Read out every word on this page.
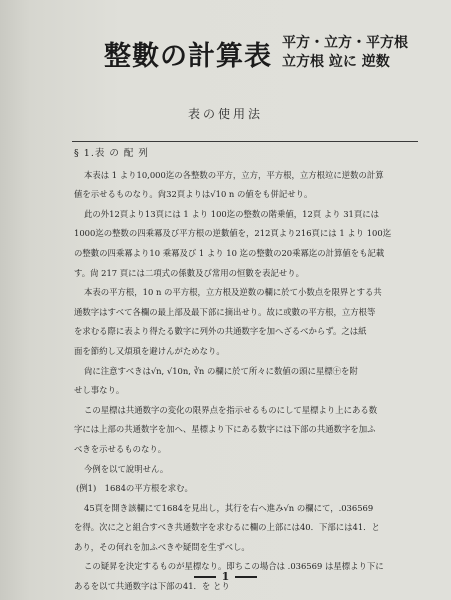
整數の計算表 平方・立方・平方根
立方根 竝に 逆数
表の使用法
§ 1.表 の 配 列
本表は 1 より10,000迄の各整数の平方，立方，平方根，立方根竝に逆数の計算
値を示せるものなり。尙32頁よりは√10 n の値をも併記せり。
此の外12頁より13頁には 1 より 100迄の整数の階乗値，12頁 より 31頁には
1000迄の整数の四乘冪及び平方根の逆數値を，212頁より216頁には 1 より 100迄
の整數の四乘冪より10 乘冪及び 1 より 10 迄の整數の20乘冪迄の計算値をも記載
す。尙 217 頁には二項式の係數及び常用の恒數を表記せり。
本表の平方根，10 n の平方根，立方根及逆数の欄に於て小数点を限界とする共
通数字はすべて各欄の最上部及最下部に摘出せり。故に或數の平方根，立方根等
を求むる際に表より得たる數字に列外の共通数字を加へざるべからず。之は紙
面を節約し又煩瑣を避けんがためなり。
尙に注意すべきは√n, √10n, ∛n の欄に於て所々に数値の頭に星標㊉を附
せし事なり。
この星標は共通数字の変化の限界点を指示せるものにして星標より上にある数
字には上部の共通数字を加へ、星標より下にある数字には下部の共通数字を加ふ
べきを示せるものなり。
今例を以て說明せん。
(例1)　1684の平方根を求む。
45頁を開き該欄にて1684を見出し，其行を右へ進み√n の欄にて，.036569
を得。次に之と組合すべき共通数字を求むるに欄の上部には40．下部には41．と
あり，その何れを加ふべきや疑問を生ずべし。
この疑昇を決定するものが星標なり。即ちこの場合は .036569 は星標より下に
あるを以て共通数字は下部の41．を とり
1
